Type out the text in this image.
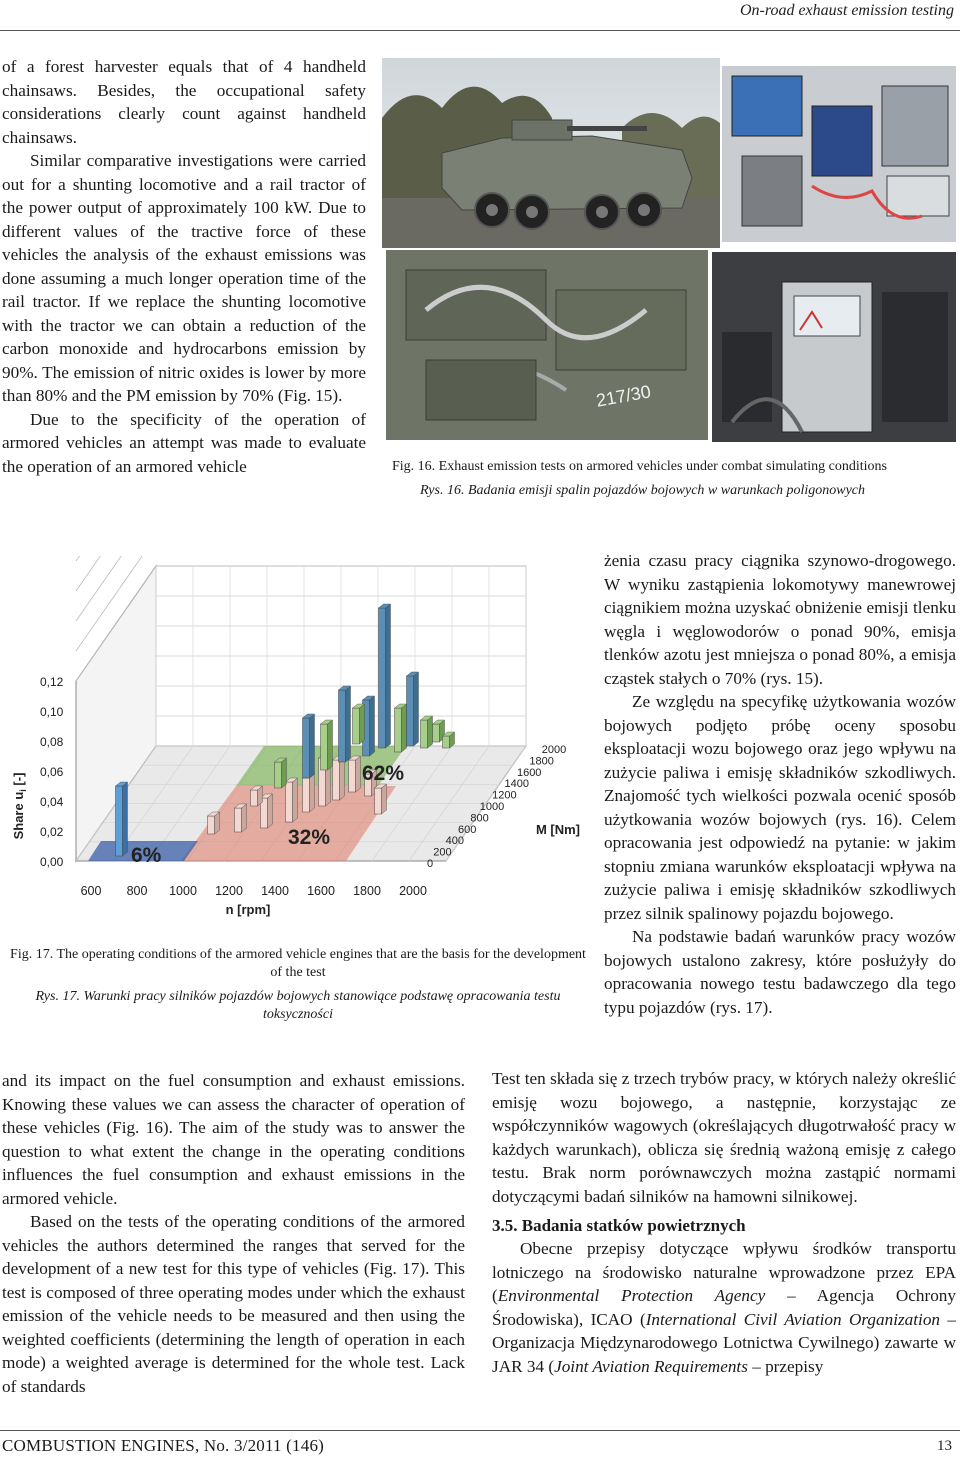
On-road exhaust emission testing

of a forest harvester equals that of 4 handheld chainsaws. Besides, the occupational safety considerations clearly count against handheld chainsaws.

Similar comparative investigations were carried out for a shunting locomotive and a rail tractor of the power output of approximately 100 kW. Due to different values of the tractive force of these vehicles the analysis of the exhaust emissions was done assuming a much longer operation time of the rail tractor. If we replace the shunting locomotive with the tractor we can obtain a reduction of the carbon monoxide and hydrocarbons emission by 90%. The emission of nitric oxides is lower by more than 80% and the PM emission by 70% (Fig. 15).

Due to the specificity of the operation of armored vehicles an attempt was made to evaluate the operation of an armored vehicle

217/30

Fig. 16. Exhaust emission tests on armored vehicles under combat simulating conditions

Rys. 16. Badania emisji spalin pojazdów bojowych w warunkach poligonowych

6%
32%
62%
0,12
0,10
0,08
0,06
0,04
0,02
0,00
600 800 1000 1200 1400 1600 1800 2000
2000
1800
1600
1400
1200
1000
800
600
400
200
0
Share $u_i$ [-]
n [rpm]
M [Nm]

Fig. 17. The operating conditions of the armored vehicle engines that are the basis for the development of the test

Rys. 17. Warunki pracy silników pojazdów bojowych stanowiące podstawę opracowania testu toksyczności

and its impact on the fuel consumption and exhaust emissions. Knowing these values we can assess the character of operation of these vehicles (Fig. 16). The aim of the study was to answer the question to what extent the change in the operating conditions influences the fuel consumption and exhaust emissions in the armored vehicle.

Based on the tests of the operating conditions of the armored vehicles the authors determined the ranges that served for the development of a new test for this type of vehicles (Fig. 17). This test is composed of three operating modes under which the exhaust emission of the vehicle needs to be measured and then using the weighted coefficients (determining the length of operation in each mode) a weighted average is determined for the whole test. Lack of standards

żenia czasu pracy ciągnika szynowo-drogowego. W wyniku zastąpienia lokomotywy manewrowej ciągnikiem można uzyskać obniżenie emisji tlenku węgla i węglowodorów o ponad 90%, emisja tlenków azotu jest mniejsza o ponad 80%, a emisja cząstek stałych o 70% (rys. 15).

Ze względu na specyfikę użytkowania wozów bojowych podjęto próbę oceny sposobu eksploatacji wozu bojowego oraz jego wpływu na zużycie paliwa i emisję składników szkodliwych. Znajomość tych wielkości pozwala ocenić sposób użytkowania wozów bojowych (rys. 16). Celem opracowania jest odpowiedź na pytanie: w jakim stopniu zmiana warunków eksploatacji wpływa na zużycie paliwa i emisję składników szkodliwych przez silnik spalinowy pojazdu bojowego.

Na podstawie badań warunków pracy wozów bojowych ustalono zakresy, które posłużyły do opracowania nowego testu badawczego dla tego typu pojazdów (rys. 17).

Test ten składa się z trzech trybów pracy, w których należy określić emisję wozu bojowego, a następnie, korzystając ze współczynników wagowych (określających długotrwałość pracy w każdych warunkach), oblicza się średnią ważoną emisję z całego testu. Brak norm porównawczych można zastąpić normami dotyczącymi badań silników na hamowni silnikowej.

3.5. Badania statków powietrznych

Obecne przepisy dotyczące wpływu środków transportu lotniczego na środowisko naturalne wprowadzone przez EPA (Environmental Protection Agency – Agencja Ochrony Środowiska), ICAO (International Civil Aviation Organization – Organizacja Międzynarodowego Lotnictwa Cywilnego) zawarte w JAR 34 (Joint Aviation Requirements – przepisy

COMBUSTION ENGINES, No. 3/2011 (146)	13
